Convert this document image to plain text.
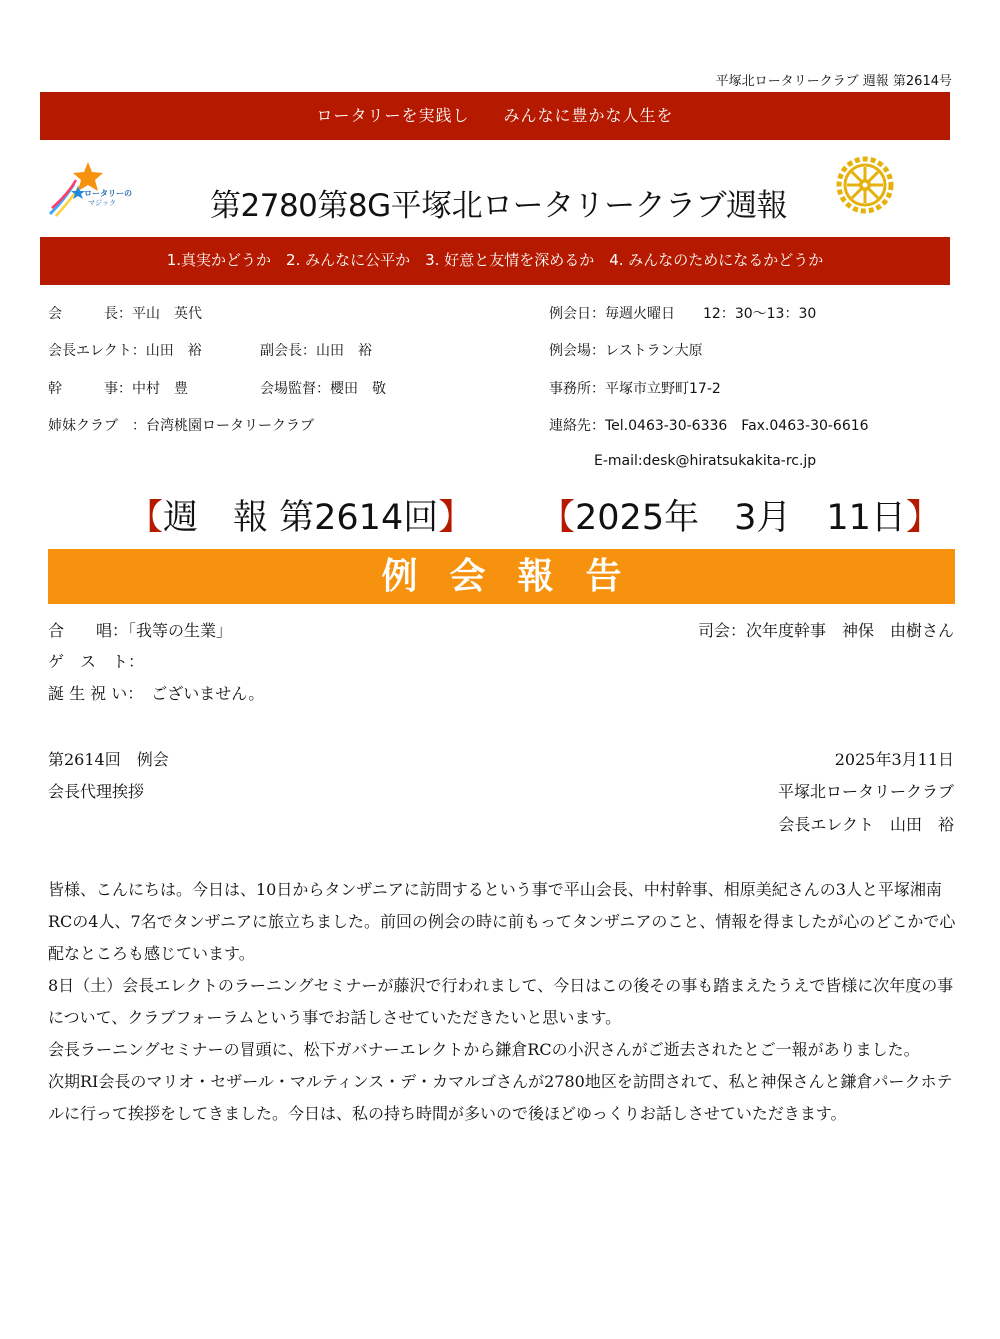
平塚北ロータリークラブ 週報 第2614号
ロータリーを実践し　　みんなに豊かな人生を
ロータリーの
マジック	第2780第8G平塚北ロータリークラブ週報
1.真実かどうか　2. みんなに公平か　3. 好意と友情を深めるか　4. みんなのためになるかどうか
会　　　長：平山　英代
会長エレクト：山田　裕	副会長：山田　裕
幹　　　事：中村　豊	会場監督：櫻田　敬
姉妹クラブ　：台湾桃園ロータリークラブ
例会日：毎週火曜日　　12：30〜13：30
例会場：レストラン大原
事務所：平塚市立野町17-2
連絡先：Tel.0463-30-6336　Fax.0463-30-6616
E-mail:desk@hiratsukakita-rc.jp
【週　報 第2614回】 【2025年　3月　11日】
例会報告
合　　唱：「我等の生業」	司会：次年度幹事　神保　由樹さん
ゲ　ス　ト：
誕 生 祝 い： ございません。
第2614回　例会	2025年3月11日
会長代理挨拶	平塚北ロータリークラブ
会長エレクト　山田　裕

皆様、こんにちは。今日は、10日からタンザニアに訪問するという事で平山会長、中村幹事、相原美紀さんの3人と平塚湘南RCの4人、7名でタンザニアに旅立ちました。前回の例会の時に前もってタンザニアのこと、情報を得ましたが心のどこかで心配なところも感じています。

8日（土）会長エレクトのラーニングセミナーが藤沢で行われまして、今日はこの後その事も踏まえたうえで皆様に次年度の事について、クラブフォーラムという事でお話しさせていただきたいと思います。

会長ラーニングセミナーの冒頭に、松下ガバナーエレクトから鎌倉RCの小沢さんがご逝去されたとご一報がありました。

次期RI会長のマリオ・セザール・マルティンス・デ・カマルゴさんが2780地区を訪問されて、私と神保さんと鎌倉パークホテルに行って挨拶をしてきました。今日は、私の持ち時間が多いので後ほどゆっくりお話しさせていただきます。
